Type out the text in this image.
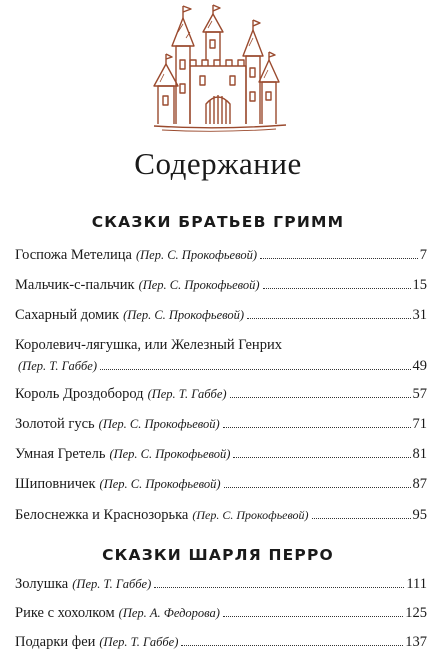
Содержание
СКАЗКИ БРАТЬЕВ ГРИММ
Госпожа Метелица (Пер. С. Прокофьевой)	7
Мальчик-с-пальчик (Пер. С. Прокофьевой)	15
Сахарный домик (Пер. С. Прокофьевой)	31
Королевич-лягушка, или Железный Генрих
(Пер. Т. Габбе)	49
Король Дроздобород (Пер. Т. Габбе)	57
Золотой гусь (Пер. С. Прокофьевой)	71
Умная Гретель (Пер. С. Прокофьевой)	81
Шиповничек (Пер. С. Прокофьевой)	87
Белоснежка и Краснозорька (Пер. С. Прокофьевой)	95
СКАЗКИ ШАРЛЯ ПЕРРО
Золушка (Пер. Т. Габбе)	111
Рике с хохолком (Пер. А. Федорова)	125
Подарки феи (Пер. Т. Габбе)	137
